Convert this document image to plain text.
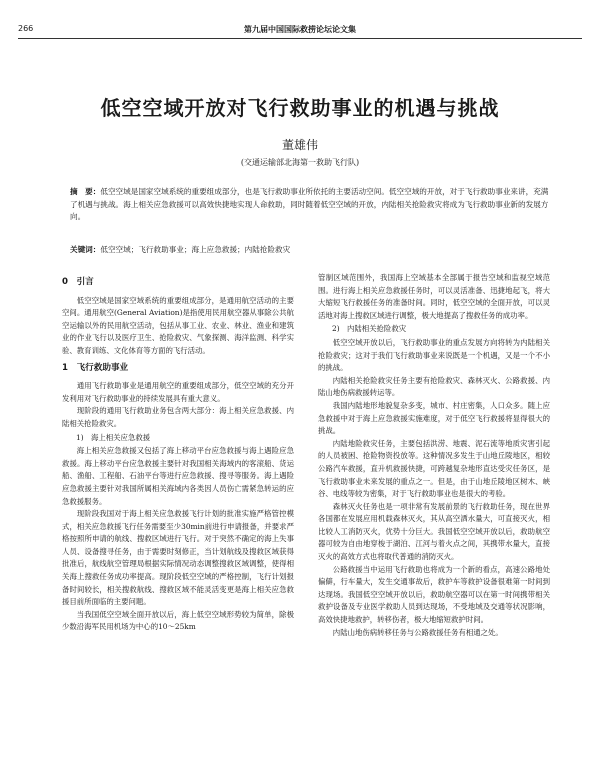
266	第九届中国国际救捞论坛论文集
低空空域开放对飞行救助事业的机遇与挑战
董雄伟
(交通运输部北海第一救助飞行队)
摘　要：低空空域是国家空域系统的重要组成部分，也是飞行救助事业所依托的主要活动空间。低空空域的开放，对于飞行救助事业来讲，充满了机遇与挑战。海上相关应急救援可以高效快捷地实现人命救助，同时随着低空空域的开放，内陆相关抢险救灾将成为飞行救助事业新的发展方向。
关键词：低空空域；飞行救助事业；海上应急救援；内陆抢险救灾
0　引言

低空空域是国家空域系统的重要组成部分，是通用航空活动的主要空间。通用航空(General Aviation)是指使用民用航空器从事除公共航空运输以外的民用航空活动，包括从事工业、农业、林业、渔业和建筑业的作业飞行以及医疗卫生、抢险救灾、气象探测、海洋监测、科学实验、教育训练、文化体育等方面的飞行活动。

1　飞行救助事业

通用飞行救助事业是通用航空的重要组成部分，低空空域的充分开发利用对飞行救助事业的持续发展具有重大意义。

现阶段的通用飞行救助业务包含两大部分：海上相关应急救援、内陆相关抢险救灾。

1)　海上相关应急救援

海上相关应急救援又包括了海上移动平台应急救援与海上遇险应急救援。海上移动平台应急救援主要针对我国相关海域内的客滚船、货运船、渔船、工程船、石油平台等进行应急救援、搜寻等服务。海上遇险应急救援主要针对我国所属相关海域内各类因人员伤亡需紧急转运的应急救援服务。

现阶段我国对于海上相关应急救援飞行计划的批准实施严格管控模式，相关应急救援飞行任务需要至少30min前进行申请报备，并要求严格按照所申请的航线、搜救区域进行飞行。对于突然不确定的海上失事人员、设备搜寻任务，由于需要时刻修正，当计划航线及搜救区域获得批准后，航线航空管理局根据实际情况动态调整搜救区域调整，使得相关海上搜救任务成功率提高。现阶段低空空域的严格控制，飞行计划报备时间较长，相关搜救航线、搜救区域不能灵活变更是海上相关应急救援目前所面临的主要问题。

当我国低空空域全面开放以后，海上低空空域形势较为简单，除极少数沿海军民用机场为中心的10～25km

管制区域范围外，我国海上空域基本全部属于报告空域和监视空域范围。进行海上相关应急救援任务时，可以灵活准备、迅捷地起飞，将大大缩短飞行救援任务的准备时间。同时，低空空域的全面开放，可以灵活地对海上搜救区域进行调整，极大地提高了搜救任务的成功率。

2)　内陆相关抢险救灾

低空空域开放以后，飞行救助事业的重点发展方向将转为内陆相关抢险救灾；这对于我们飞行救助事业来说既是一个机遇，又是一个不小的挑战。

内陆相关抢险救灾任务主要有抢险救灾、森林灭火、公路救援、内陆山地伤病救援转运等。

我国内陆地形地貌复杂多变，城市、村庄密集，人口众多。随上应急救援中对于海上应急救援实施难度，对于低空飞行救援将显得很大的挑战。

内陆地险救灾任务，主要包括洪涝、地震、泥石流等地质灾害引起的人员被困、抢险物资投放等。这种情况多发生于山地丘陵地区，相较公路汽车救援，直升机救援快捷，可跨越复杂地形直达受灾任务区，是飞行救助事业未来发展的重点之一。但是，由于山地丘陵地区树木、峡谷、电线等较为密集，对于飞行救助事业也是很大的考验。

森林灭火任务也是一项非常有发展前景的飞行救助任务，现在世界各国都在发展应用机载森林灭火，其从高空洒水量大，可直接灭火，相比较人工消防灭火，优势十分巨大。我国低空空域开放以后，救助航空器可较为自由地穿梭于湖泊、江河与着火点之间，其携带水量大，直接灭火的高效方式也将取代普通的消防灭火。

公路救援当中运用飞行救助也将成为一个新的看点，高速公路地处偏僻，行车量大，发生交通事故后，救护车等救护设备很难第一时间到达现场。我国低空空域开放以后，救助航空器可以在第一时间携带相关救护设备及专业医学救助人员到达现场，不受地域及交通等状况影响，高效快捷地救护，转移伤者，极大地缩短救护时间。

内陆山地伤病转移任务与公路救援任务有相通之处。
